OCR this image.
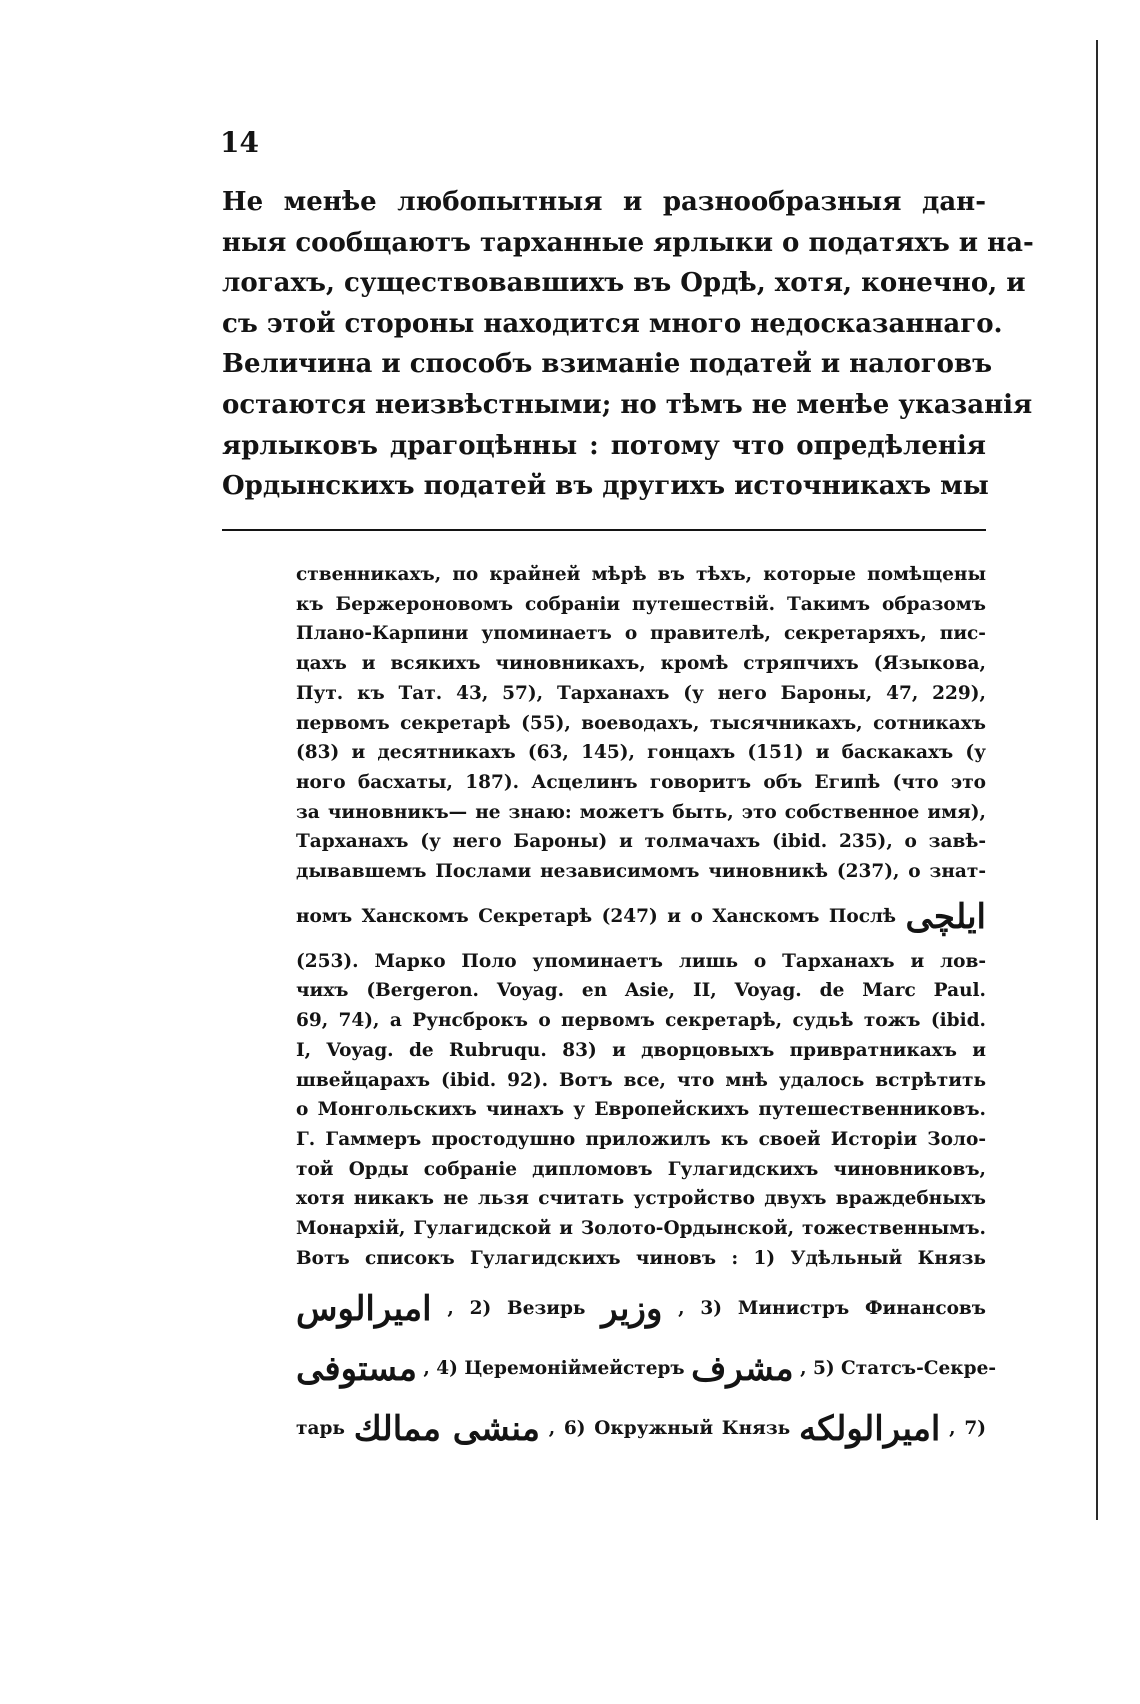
14

Не менѣе любопытныя и разнообразныя дан-
ныя сообщаютъ тарханные ярлыки о податяхъ и на-
логахъ, существовавшихъ въ Ордѣ, хотя, конечно, и
съ этой стороны находится много недосказаннаго.
Величина и способъ взиманіе податей и налоговъ
остаются неизвѣстными; но тѣмъ не менѣе указанія
ярлыковъ драгоцѣнны : потому что опредѣленія
Ордынскихъ податей въ другихъ источникахъ мы
ственникахъ, по крайней мѣрѣ въ тѣхъ, которые помѣщены
къ Бержероновомъ собраніи путешествій. Такимъ образомъ
Плано-Карпини упоминаетъ о правителѣ, секретаряхъ, пис-
цахъ и всякихъ чиновникахъ, кромѣ стряпчихъ (Языкова,
Пут. къ Тат. 43, 57), Тарханахъ (у него Бароны, 47, 229),
первомъ секретарѣ (55), воеводахъ, тысячникахъ, сотникахъ
(83) и десятникахъ (63, 145), гонцахъ (151) и баскакахъ (у
ного басхаты, 187). Асцелинъ говоритъ объ Египѣ (что это
за чиновникъ— не знаю: можетъ быть, это собственное имя),
Тарханахъ (у него Бароны) и толмачахъ (ibid. 235), о завѣ-
дывавшемъ Послами независимомъ чиновникѣ (237), о знат-
номъ Ханскомъ Секретарѣ (247) и о Ханскомъ Послѣ ايلچى
(253). Марко Поло упоминаетъ лишь о Тарханахъ и лов-
чихъ (Bergeron. Voyag. en Asie, II, Voyag. de Marc Paul.
69, 74), а Рунсброкъ о первомъ секретарѣ, судьѣ тожъ (ibid.
I, Voyag. de Rubruqu. 83) и дворцовыхъ привратникахъ и
швейцарахъ (ibid. 92). Вотъ все, что мнѣ удалось встрѣтить
о Монгольскихъ чинахъ у Европейскихъ путешественниковъ.
Г. Гаммеръ простодушно приложилъ къ своей Исторіи Золо-
той Орды собраніе дипломовъ Гулагидскихъ чиновниковъ,
хотя никакъ не льзя считать устройство двухъ враждебныхъ
Монархій, Гулагидской и Золото-Ордынской, тожественнымъ.
Вотъ списокъ Гулагидскихъ чиновъ : 1) Удѣльный Князь
اميرالوس , 2) Везирь وزير , 3) Министръ Финансовъ
مستوفى , 4) Церемоніймейстеръ مشرف , 5) Статсъ-Секре-
тарь منشى ممالك , 6) Окружный Князь اميرالولكه , 7)
